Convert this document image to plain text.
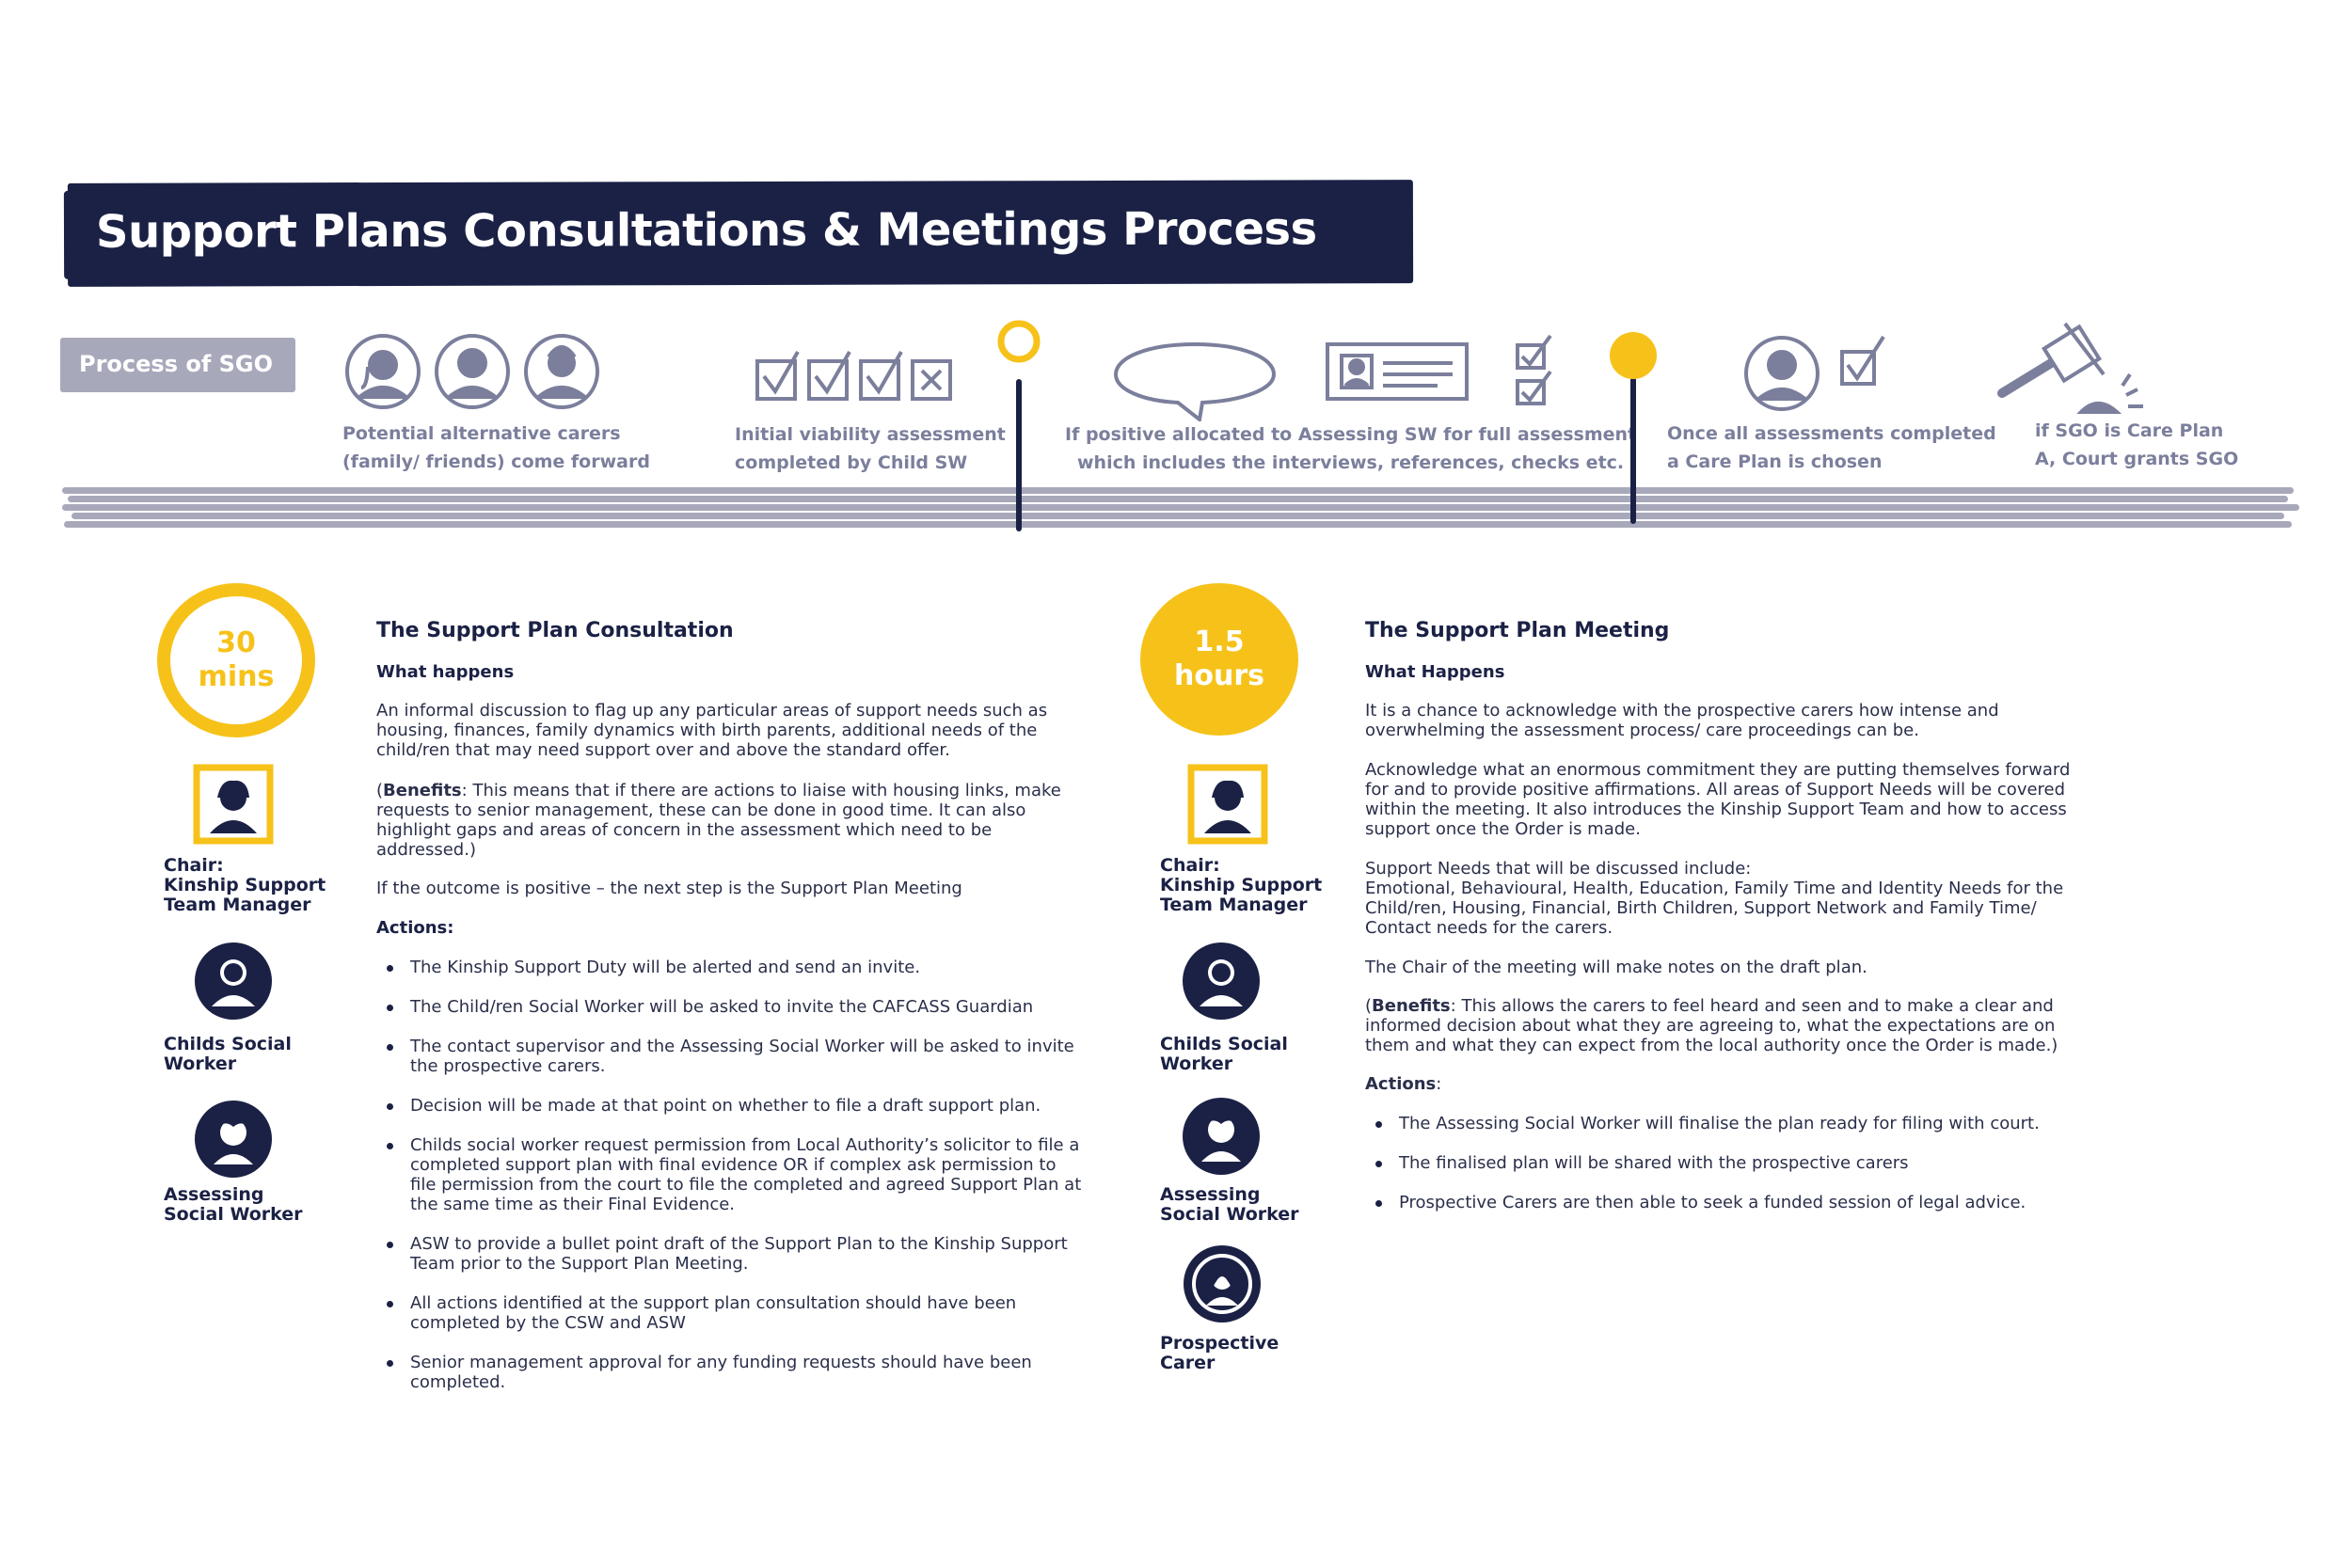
Support Plans Consultations & Meetings Process
Process of SGO
Potential alternative carers
(family/ friends) come forward
Initial viability assessment
completed by Child SW
If positive allocated to Assessing SW for full assessment
which includes the interviews, references, checks etc.
Once all assessments completed
a Care Plan is chosen
if SGO is Care Plan
A, Court grants SGO
30
mins
Chair:
Kinship Support
Team Manager
Childs Social
Worker
Assessing
Social Worker
The Support Plan Consultation
What happens
An informal discussion to flag up any particular areas of support needs such as housing, finances, family dynamics with birth parents, additional needs of the child/ren that may need support over and above the standard offer.
(Benefits: This means that if there are actions to liaise with housing links, make requests to senior management, these can be done in good time. It can also highlight gaps and areas of concern in the assessment which need to be addressed.)
If the outcome is positive – the next step is the Support Plan Meeting
Actions:
The Kinship Support Duty will be alerted and send an invite.
The Child/ren Social Worker will be asked to invite the CAFCASS Guardian
The contact supervisor and the Assessing Social Worker will be asked to invite the prospective carers.
Decision will be made at that point on whether to file a draft support plan.
Childs social worker request permission from Local Authority’s solicitor to file a completed support plan with final evidence OR if complex ask permission to file permission from the court to file the completed and agreed Support Plan at the same time as their Final Evidence.
ASW to provide a bullet point draft of the Support Plan to the Kinship Support Team prior to the Support Plan Meeting.
All actions identified at the support plan consultation should have been completed by the CSW and ASW
Senior management approval for any funding requests should have been completed.
1.5
hours
Chair:
Kinship Support
Team Manager
Childs Social
Worker
Assessing
Social Worker
Prospective
Carer
The Support Plan Meeting
What Happens
It is a chance to acknowledge with the prospective carers how intense and overwhelming the assessment process/ care proceedings can be.
Acknowledge what an enormous commitment they are putting themselves forward for and to provide positive affirmations. All areas of Support Needs will be covered within the meeting. It also introduces the Kinship Support Team and how to access support once the Order is made.
Support Needs that will be discussed include:
Emotional, Behavioural, Health, Education, Family Time and Identity Needs for the Child/ren, Housing, Financial, Birth Children, Support Network and Family Time/ Contact needs for the carers.
The Chair of the meeting will make notes on the draft plan.
(Benefits: This allows the carers to feel heard and seen and to make a clear and informed decision about what they are agreeing to, what the expectations are on them and what they can expect from the local authority once the Order is made.)
Actions:
The Assessing Social Worker will finalise the plan ready for filing with court.
The finalised plan will be shared with the prospective carers
Prospective Carers are then able to seek a funded session of legal advice.
